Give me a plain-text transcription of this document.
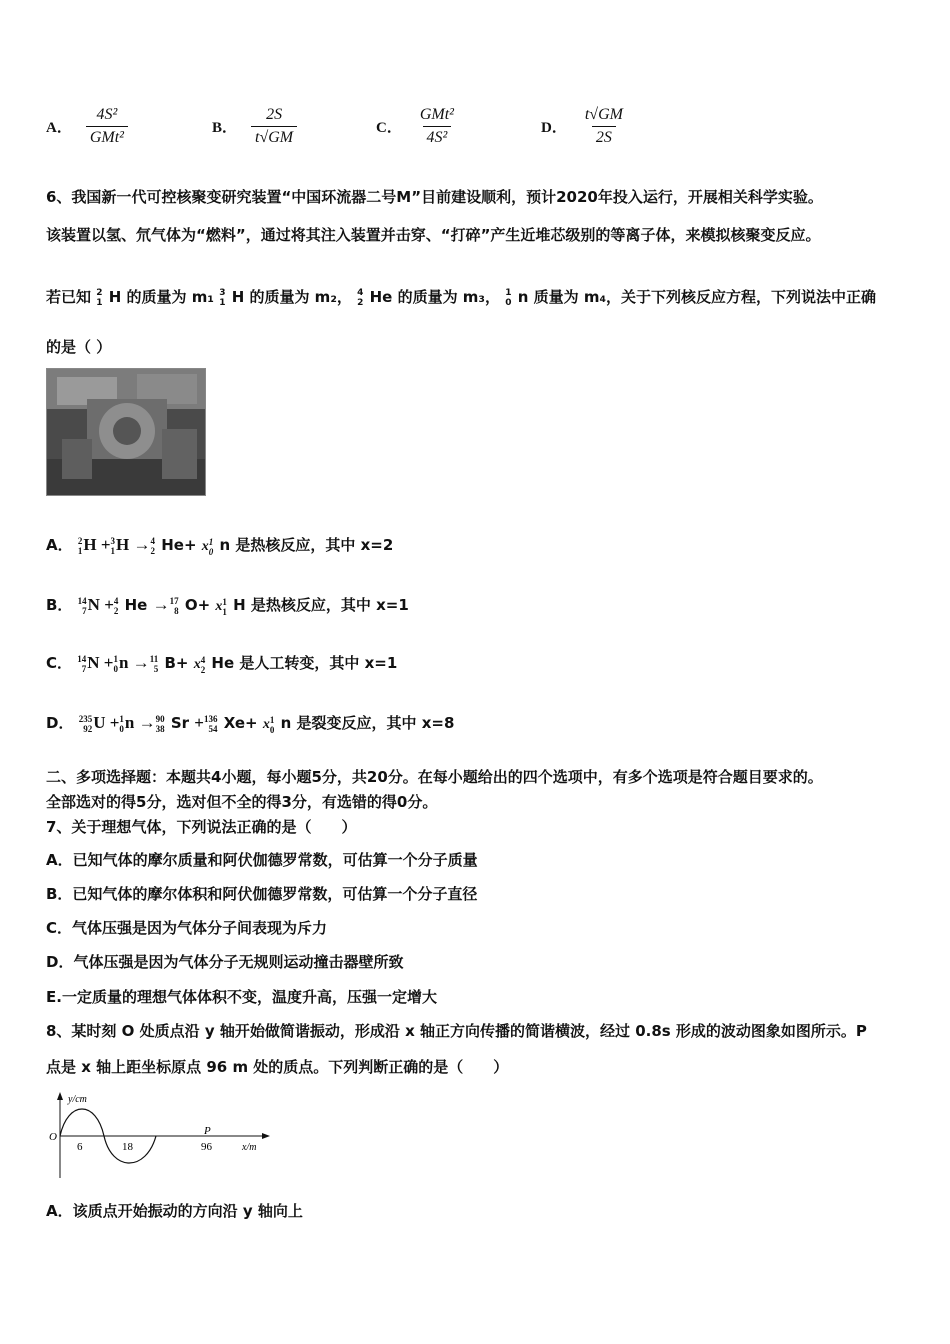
A． $\frac{\text{4S²}}{\text{GMt²}}$	B． $\frac{2S}{t√GM}$	C． $\frac{\text{GMt²}}{\text{4S²}}$	D． $\frac{t√GM}{2S}$
6、我国新一代可控核聚变研究装置“中国环流器二号M”目前建设顺利，预计2020年投入运行，开展相关科学实验。
该装置以氢、氘气体为“燃料”，通过将其注入装置并击穿、“打碎”产生近堆芯级别的等离子体，来模拟核聚变反应。
若已知 2
1 H 的质量为 m₁ 3
1 H 的质量为 m₂， 4
2 He 的质量为 m₃， 1
0 n 质量为 m₄，关于下列核反应方程，下列说法中正确
的是（ ）
A． 2
1 H + 3
1 H → 4
2 He+ x 1
0 n 是热核反应，其中 x=2
B． 14
7 N + 4
2 He → 17
8 O+ x 1
1 H 是热核反应，其中 x=1
C． 14
7 N + 1
0 n → 11
5 B+ x 4
2 He 是人工转变，其中 x=1
D． 235
92 U + 1
0 n → 90
38 Sr + 136
54 Xe+ x 1
0 n 是裂变反应，其中 x=8
二、多项选择题：本题共4小题，每小题5分，共20分。在每小题给出的四个选项中，有多个选项是符合题目要求的。
全部选对的得5分，选对但不全的得3分，有选错的得0分。
7、关于理想气体，下列说法正确的是（　　）
A．已知气体的摩尔质量和阿伏伽德罗常数，可估算一个分子质量
B．已知气体的摩尔体积和阿伏伽德罗常数，可估算一个分子直径
C．气体压强是因为气体分子间表现为斥力
D．气体压强是因为气体分子无规则运动撞击器壁所致
E.一定质量的理想气体体积不变，温度升高，压强一定增大
8、某时刻 O 处质点沿 y 轴开始做简谐振动，形成沿 x 轴正方向传播的简谐横波，经过 0.8s 形成的波动图象如图所示。P
点是 x 轴上距坐标原点 96 m 处的质点。下列判断正确的是（　　）
y/cm
O
6	18
P
96	x/m
A．该质点开始振动的方向沿 y 轴向上
